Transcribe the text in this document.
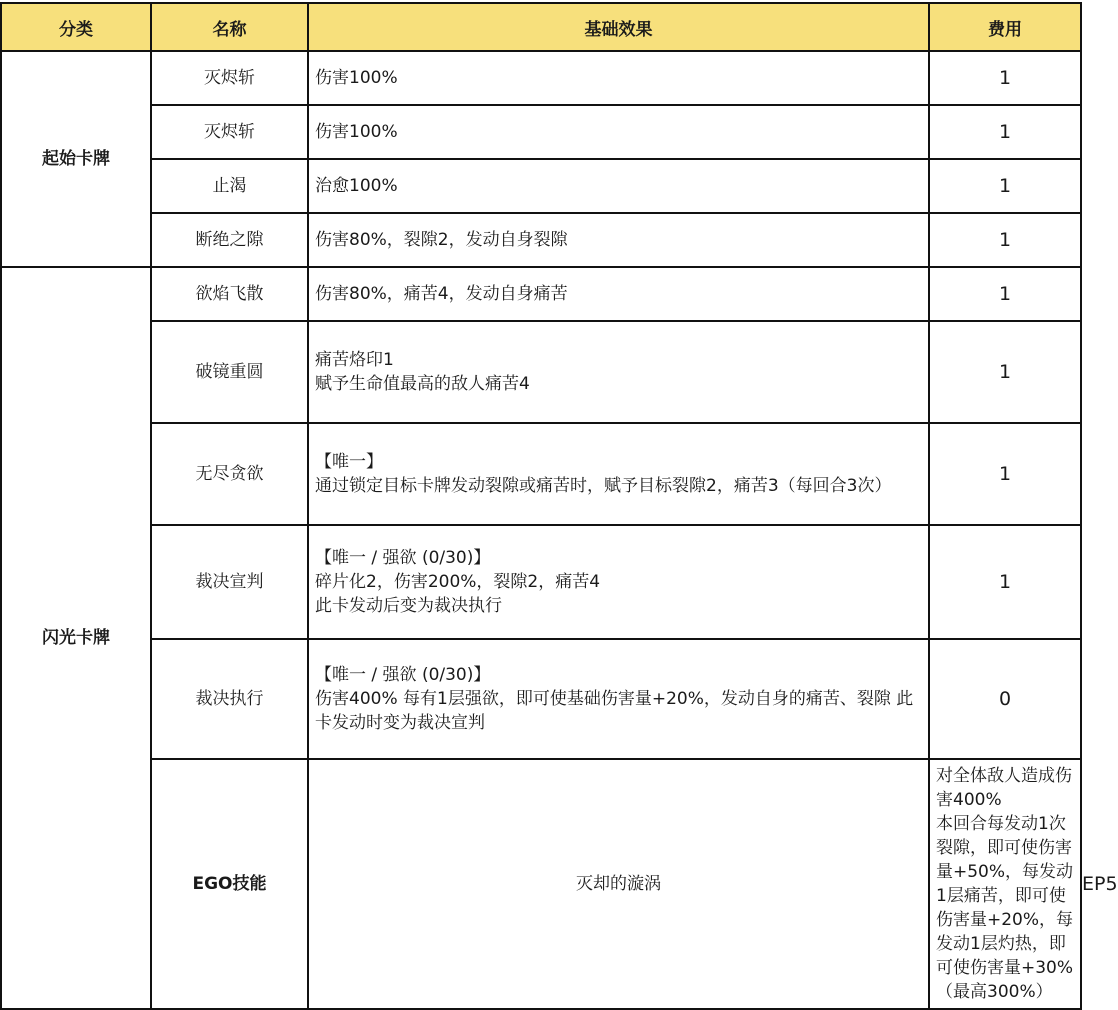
分类	名称	基础效果	费用	
起始卡牌	灭烬斩	伤害100%	1	
	灭烬斩	伤害100%	1	
	止渴	治愈100%	1	
	断绝之隙	伤害80%，裂隙2，发动自身裂隙	1	
闪光卡牌	欲焰飞散	伤害80%，痛苦4，发动自身痛苦	1	
	破镜重圆	痛苦烙印1
赋予生命值最高的敌人痛苦4	1	
	无尽贪欲	【唯一】
通过锁定目标卡牌发动裂隙或痛苦时，赋予目标裂隙2，痛苦3（每回合3次）	1	
	裁决宣判	【唯一 / 强欲 (0/30)】
碎片化2，伤害200%，裂隙2，痛苦4
此卡发动后变为裁决执行	1	
	裁决执行	【唯一 / 强欲 (0/30)】
伤害400% 每有1层强欲，即可使基础伤害量+20%，发动自身的痛苦、裂隙 此卡发动时变为裁决宣判	0	
	EGO技能	灭却的漩涡	对全体敌人造成伤害400%
本回合每发动1次裂隙，即可使伤害量+50%，每发动1层痛苦，即可使伤害量+20%，每发动1层灼热，即可使伤害量+30%（最高300%）	EP5
